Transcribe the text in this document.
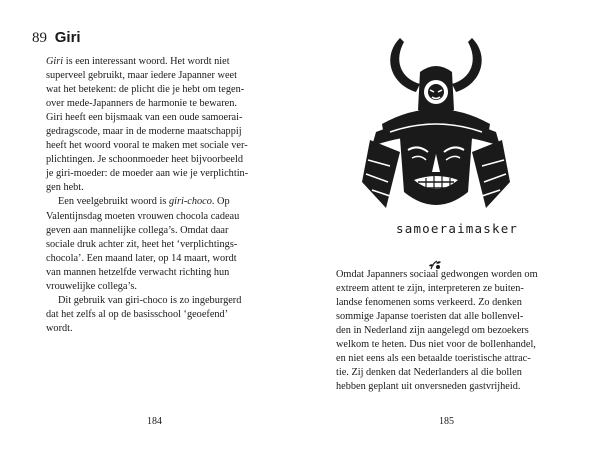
89 Giri
Giri is een interessant woord. Het wordt niet
superveel gebruikt, maar iedere Japanner weet
wat het betekent: de plicht die je hebt om tegen-
over mede-Japanners de harmonie te bewaren.
Giri heeft een bijsmaak van een oude samoerai-
gedragscode, maar in de moderne maatschappij
heeft het woord vooral te maken met sociale ver-
plichtingen. Je schoonmoeder heet bijvoorbeeld
je giri-moeder: de moeder aan wie je verplichtin-
gen hebt.
Een veelgebruikt woord is giri-choco. Op
Valentijnsdag moeten vrouwen chocola cadeau
geven aan mannelijke collega’s. Omdat daar
sociale druk achter zit, heet het ‘verplichtings-
chocola’. Een maand later, op 14 maart, wordt
van mannen hetzelfde verwacht richting hun
vrouwelijke collega’s.
Dit gebruik van giri-choco is zo ingeburgerd
dat het zelfs al op de basisschool ‘geoefend’
wordt.
184
samoeraimasker
Omdat Japanners sociaal gedwongen worden om
extreem attent te zijn, interpreteren ze buiten-
landse fenomenen soms verkeerd. Zo denken
sommige Japanse toeristen dat alle bollenvel-
den in Nederland zijn aangelegd om bezoekers
welkom te heten. Dus niet voor de bollenhandel,
en niet eens als een betaalde toeristische attrac-
tie. Zij denken dat Nederlanders al die bollen
hebben geplant uit onversneden gastvrijheid.
185
